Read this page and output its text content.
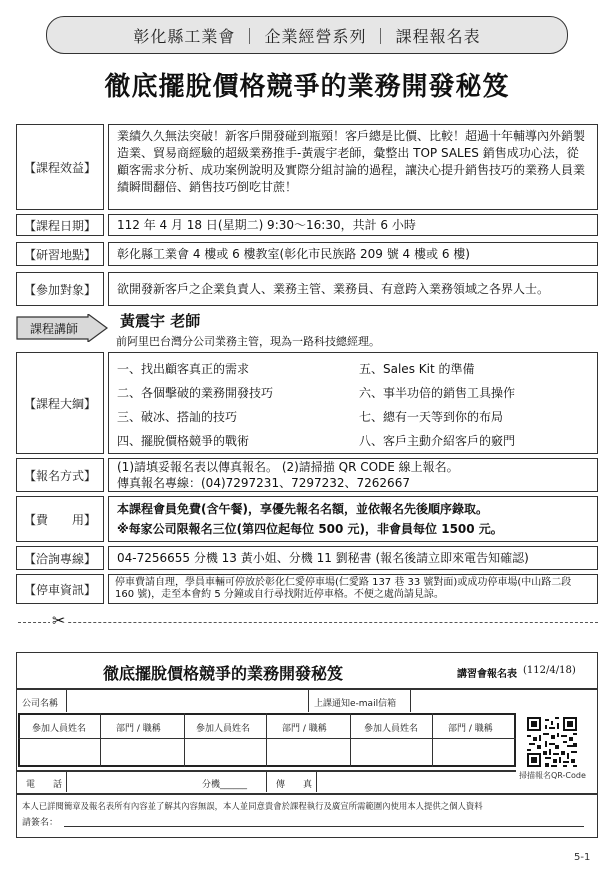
彰化縣工業會 ｜ 企業經營系列 ｜ 課程報名表
徹底擺脫價格競爭的業務開發秘笈
【課程效益】
業績久久無法突破！新客戶開發碰到瓶頸！客戶總是比價、比較！超過十年輔導內外銷製造業、貿易商經驗的超級業務推手-黃震宇老師，彙整出 TOP SALES 銷售成功心法，從顧客需求分析、成功案例說明及實際分組討論的過程，讓決心提升銷售技巧的業務人員業績瞬間翻倍、銷售技巧倒吃甘蔗！
【課程日期】	112 年 4 月 18 日(星期二) 9:30～16:30，共計 6 小時
【研習地點】	彰化縣工業會 4 樓或 6 樓教室(彰化市民族路 209 號 4 樓或 6 樓)
【參加對象】	欲開發新客戶之企業負責人、業務主管、業務員、有意跨入業務領域之各界人士。
課程講師	黃震宇 老師
前阿里巴台灣分公司業務主管，現為一路科技總經理。
【課程大綱】
一、找出顧客真正的需求	五、Sales Kit 的準備
二、各個擊破的業務開發技巧	六、事半功倍的銷售工具操作
三、破冰、搭訕的技巧	七、總有一天等到你的布局
四、擺脫價格競爭的戰術	八、客戶主動介紹客戶的竅門
【報名方式】
(1)請填妥報名表以傳真報名。 (2)請掃描 QR CODE 線上報名。
傳真報名專線：(04)7297231、7297232、7262667
【費　　用】
本課程會員免費(含午餐)，享優先報名名額，並依報名先後順序錄取。
※每家公司限報名三位(第四位起每位 500 元)，非會員每位 1500 元。
【洽詢專線】	04-7256655 分機 13 黃小姐、分機 11 劉秘書 (報名後請立即來電告知確認)
【停車資訊】	停車費請自理，學員車輛可停放於彰化仁愛停車場(仁愛路 137 巷 33 號對面)或成功停車場(中山路二段 160 號)，走至本會約 5 分鐘或自行尋找附近停車格。不便之處尚請見諒。
✂
徹底擺脫價格競爭的業務開發秘笈	講習會報名表 (112/4/18)
公司名稱	上課通知e-mail信箱
參加人員姓名	部門 / 職稱	參加人員姓名	部門 / 職稱	參加人員姓名	部門 / 職稱
掃描報名QR-Code
電　　話	分機______	傳　　真
本人已詳閱簡章及報名表所有內容並了解其內容無誤，本人並同意貴會於課程執行及廣宣所需範圍內使用本人提供之個人資料
請簽名：
5-1
